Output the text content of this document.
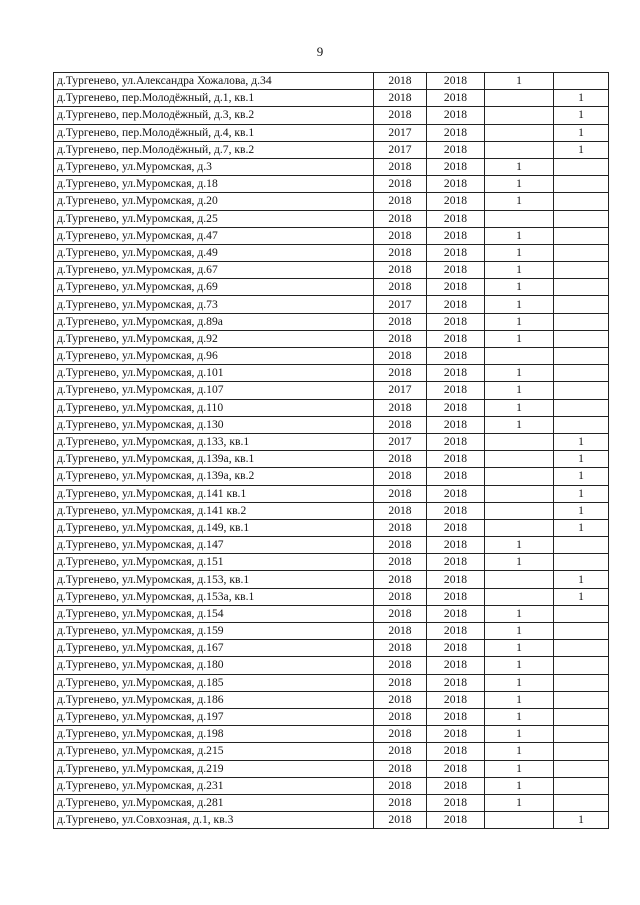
9
д.Тургенево, ул.Александра Хожалова, д.34	2018	2018	1	
д.Тургенево, пер.Молодёжный, д.1, кв.1	2018	2018		1
д.Тургенево, пер.Молодёжный, д.3, кв.2	2018	2018		1
д.Тургенево, пер.Молодёжный, д.4, кв.1	2017	2018		1
д.Тургенево, пер.Молодёжный, д.7, кв.2	2017	2018		1
д.Тургенево, ул.Муромская, д.3	2018	2018	1	
д.Тургенево, ул.Муромская, д.18	2018	2018	1	
д.Тургенево, ул.Муромская, д.20	2018	2018	1	
д.Тургенево, ул.Муромская, д.25	2018	2018		
д.Тургенево, ул.Муромская, д.47	2018	2018	1	
д.Тургенево, ул.Муромская, д.49	2018	2018	1	
д.Тургенево, ул.Муромская, д.67	2018	2018	1	
д.Тургенево, ул.Муромская, д.69	2018	2018	1	
д.Тургенево, ул.Муромская, д.73	2017	2018	1	
д.Тургенево, ул.Муромская, д.89а	2018	2018	1	
д.Тургенево, ул.Муромская, д.92	2018	2018	1	
д.Тургенево, ул.Муромская, д.96	2018	2018		
д.Тургенево, ул.Муромская, д.101	2018	2018	1	
д.Тургенево, ул.Муромская, д.107	2017	2018	1	
д.Тургенево, ул.Муромская, д.110	2018	2018	1	
д.Тургенево, ул.Муромская, д.130	2018	2018	1	
д.Тургенево, ул.Муромская, д.133, кв.1	2017	2018		1
д.Тургенево, ул.Муромская, д.139а, кв.1	2018	2018		1
д.Тургенево, ул.Муромская, д.139а, кв.2	2018	2018		1
д.Тургенево, ул.Муромская, д.141 кв.1	2018	2018		1
д.Тургенево, ул.Муромская, д.141 кв.2	2018	2018		1
д.Тургенево, ул.Муромская, д.149, кв.1	2018	2018		1
д.Тургенево, ул.Муромская, д.147	2018	2018	1	
д.Тургенево, ул.Муромская, д.151	2018	2018	1	
д.Тургенево, ул.Муромская, д.153, кв.1	2018	2018		1
д.Тургенево, ул.Муромская, д.153а, кв.1	2018	2018		1
д.Тургенево, ул.Муромская, д.154	2018	2018	1	
д.Тургенево, ул.Муромская, д.159	2018	2018	1	
д.Тургенево, ул.Муромская, д.167	2018	2018	1	
д.Тургенево, ул.Муромская, д.180	2018	2018	1	
д.Тургенево, ул.Муромская, д.185	2018	2018	1	
д.Тургенево, ул.Муромская, д.186	2018	2018	1	
д.Тургенево, ул.Муромская, д.197	2018	2018	1	
д.Тургенево, ул.Муромская, д.198	2018	2018	1	
д.Тургенево, ул.Муромская, д.215	2018	2018	1	
д.Тургенево, ул.Муромская, д.219	2018	2018	1	
д.Тургенево, ул.Муромская, д.231	2018	2018	1	
д.Тургенево, ул.Муромская, д.281	2018	2018	1	
д.Тургенево, ул.Совхозная, д.1, кв.3	2018	2018		1
